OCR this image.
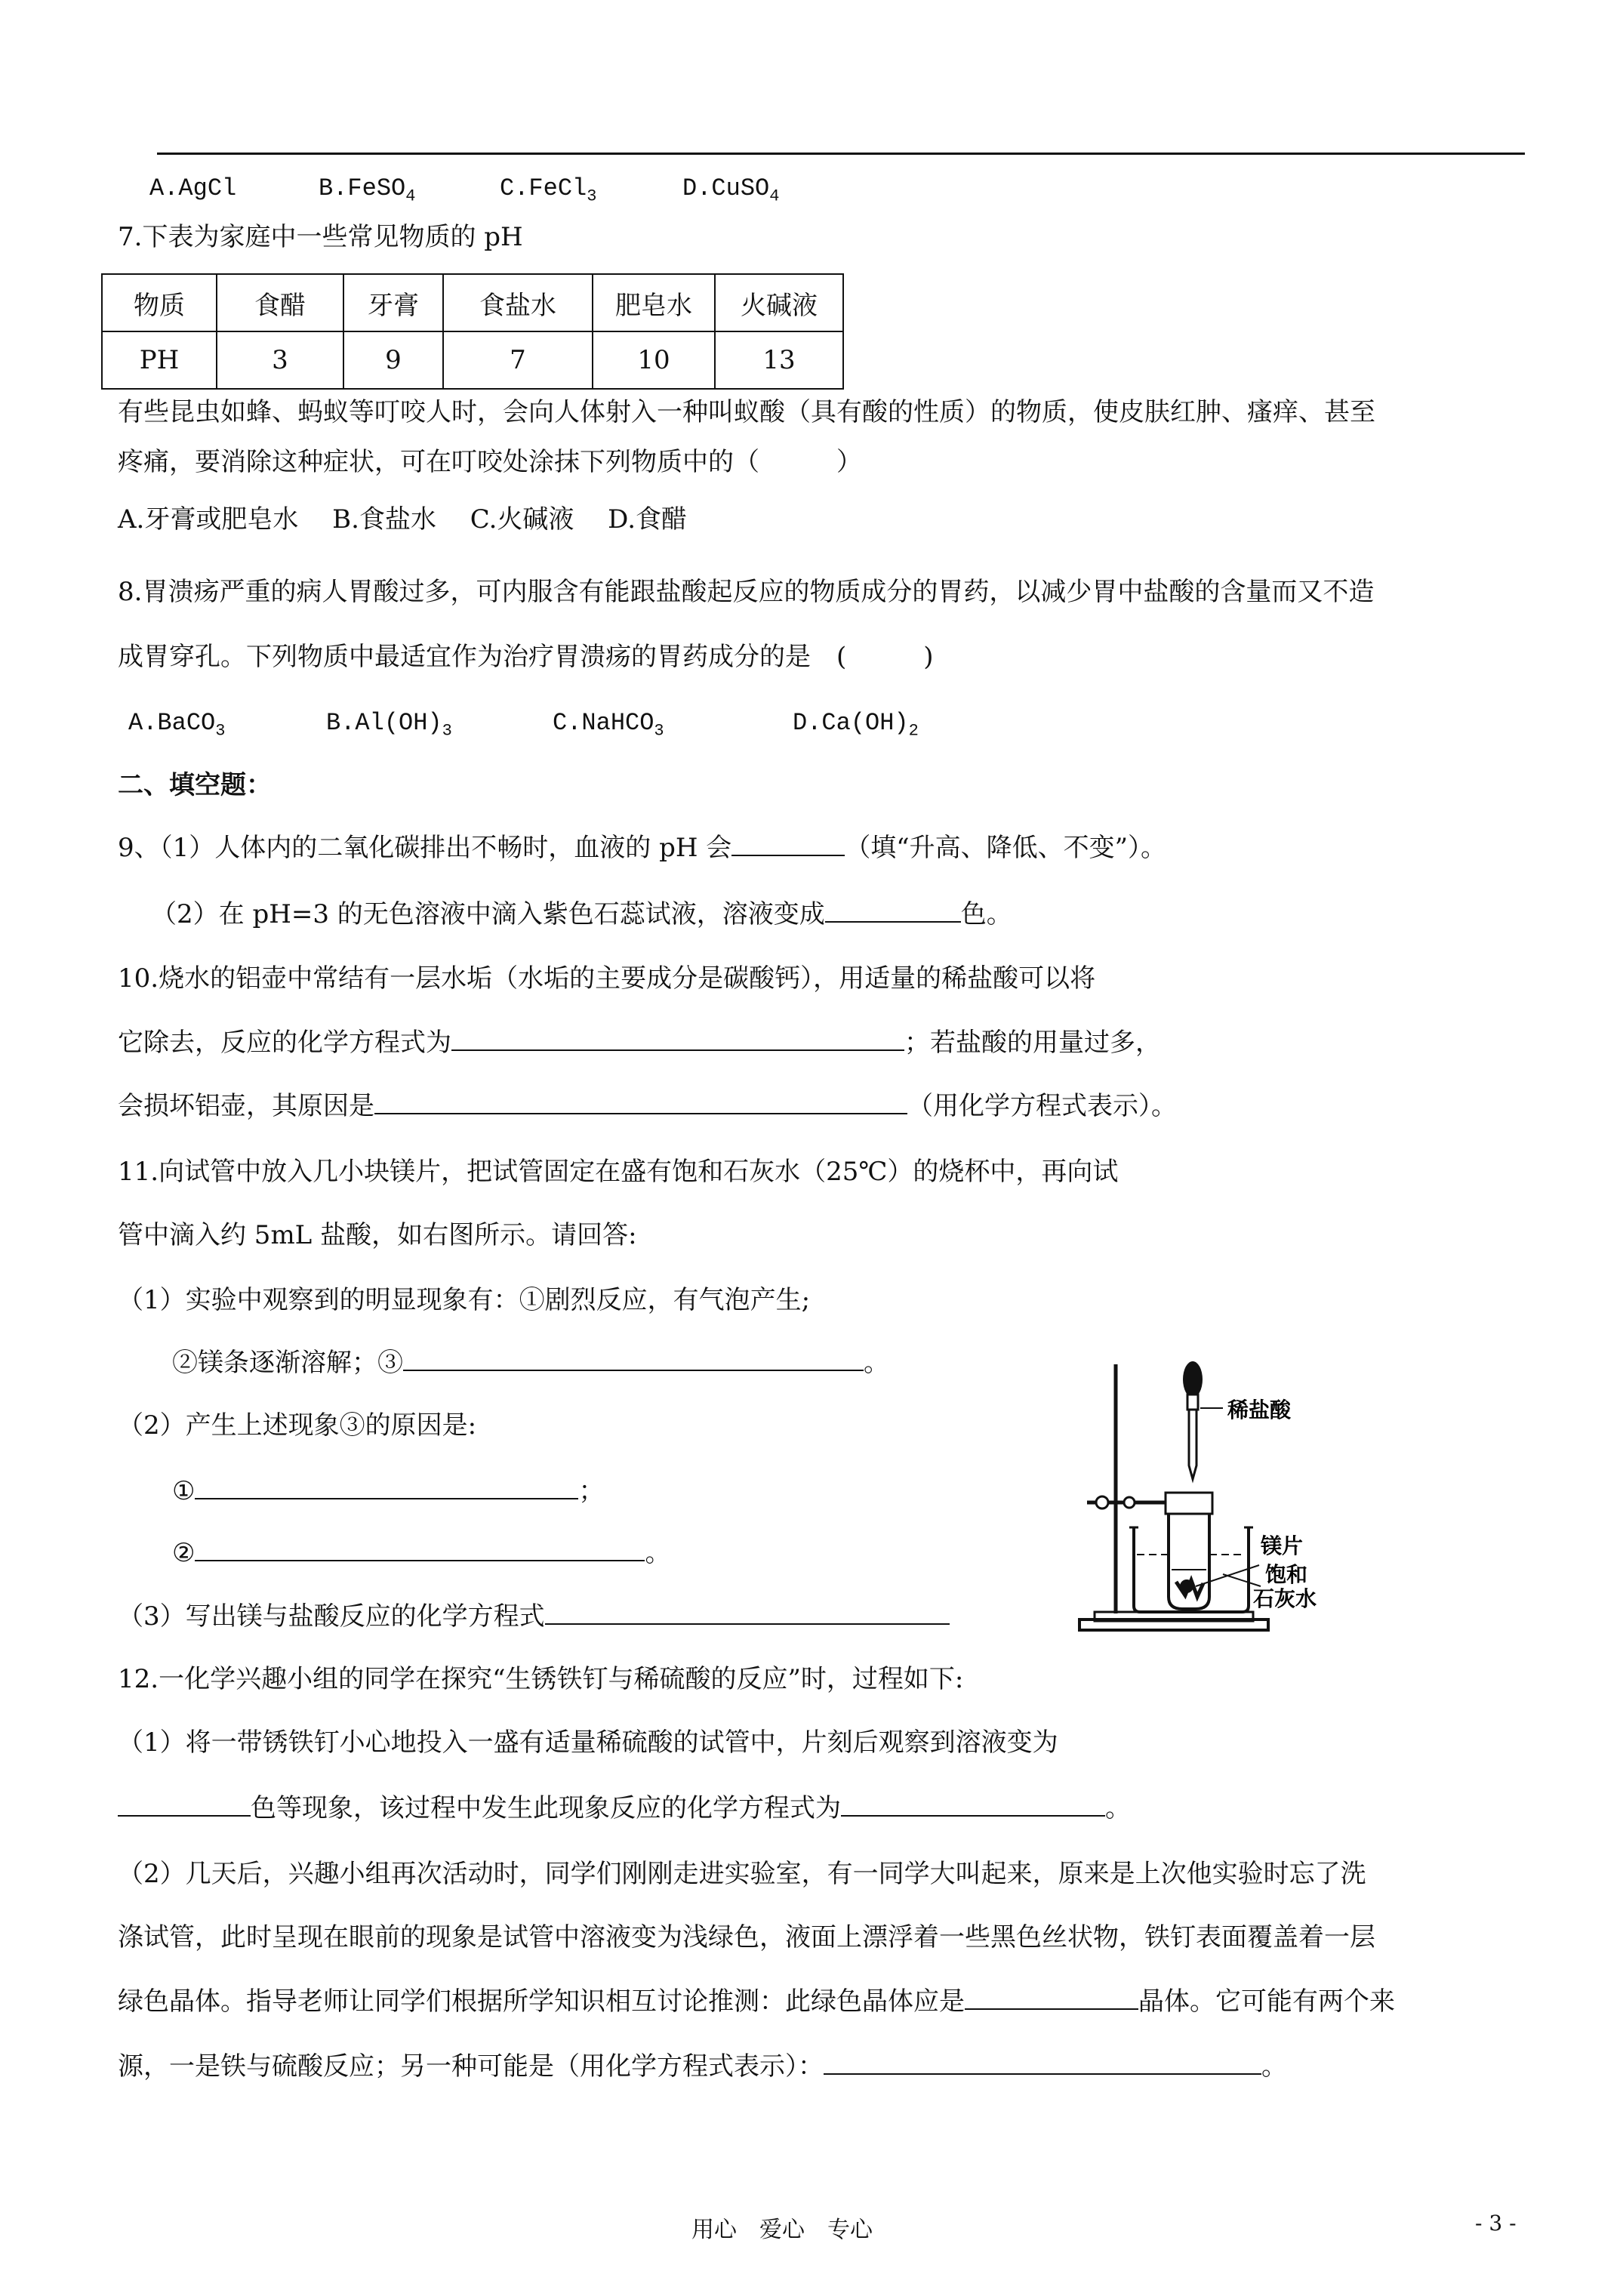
A.AgCl	B.FeSO$_4$	C.FeCl$_3$	D.CuSO$_4$
7.下表为家庭中一些常见物质的 pH
物质	食醋	牙膏	食盐水	肥皂水	火碱液
PH	3	9	7	10	13
有些昆虫如蜂、蚂蚁等叮咬人时，会向人体射入一种叫蚁酸（具有酸的性质）的物质，使皮肤红肿、瘙痒、甚至
疼痛，要消除这种症状，可在叮咬处涂抹下列物质中的（　　　）
A.牙膏或肥皂水　 B.食盐水　 C.火碱液　 D.食醋
8.胃溃疡严重的病人胃酸过多，可内服含有能跟盐酸起反应的物质成分的胃药，以减少胃中盐酸的含量而又不造
成胃穿孔。下列物质中最适宜作为治疗胃溃疡的胃药成分的是　(　　　)
A.BaCO$_3$	$B.Al(OH)_3$	C.NaHCO$_3$	$D.Ca(OH)_2$
二、填空题：
9、（1）人体内的二氧化碳排出不畅时，血液的 pH 会	（填“升高、降低、不变”）。
（2）在 pH=3 的无色溶液中滴入紫色石蕊试液，溶液变成	色。
10.烧水的铝壶中常结有一层水垢（水垢的主要成分是碳酸钙），用适量的稀盐酸可以将
它除去，反应的化学方程式为	；若盐酸的用量过多，
会损坏铝壶，其原因是	（用化学方程式表示）。
11.向试管中放入几小块镁片，把试管固定在盛有饱和石灰水（25℃）的烧杯中，再向试
管中滴入约 5mL 盐酸，如右图所示。请回答:
（1）实验中观察到的明显现象有：①剧烈反应，有气泡产生;
②镁条逐渐溶解；③	。
（2）产生上述现象③的原因是:
①	；
②	。
（3）写出镁与盐酸反应的化学方程式
稀盐酸
镁片
饱和
石灰水
12.一化学兴趣小组的同学在探究“生锈铁钉与稀硫酸的反应”时，过程如下:
（1）将一带锈铁钉小心地投入一盛有适量稀硫酸的试管中，片刻后观察到溶液变为
色等现象，该过程中发生此现象反应的化学方程式为	。
（2）几天后，兴趣小组再次活动时，同学们刚刚走进实验室，有一同学大叫起来，原来是上次他实验时忘了洗
涤试管，此时呈现在眼前的现象是试管中溶液变为浅绿色，液面上漂浮着一些黑色丝状物，铁钉表面覆盖着一层
绿色晶体。指导老师让同学们根据所学知识相互讨论推测：此绿色晶体应是	晶体。它可能有两个来
源，一是铁与硫酸反应；另一种可能是（用化学方程式表示）：	。
用心　爱心　专心	- 3 -
